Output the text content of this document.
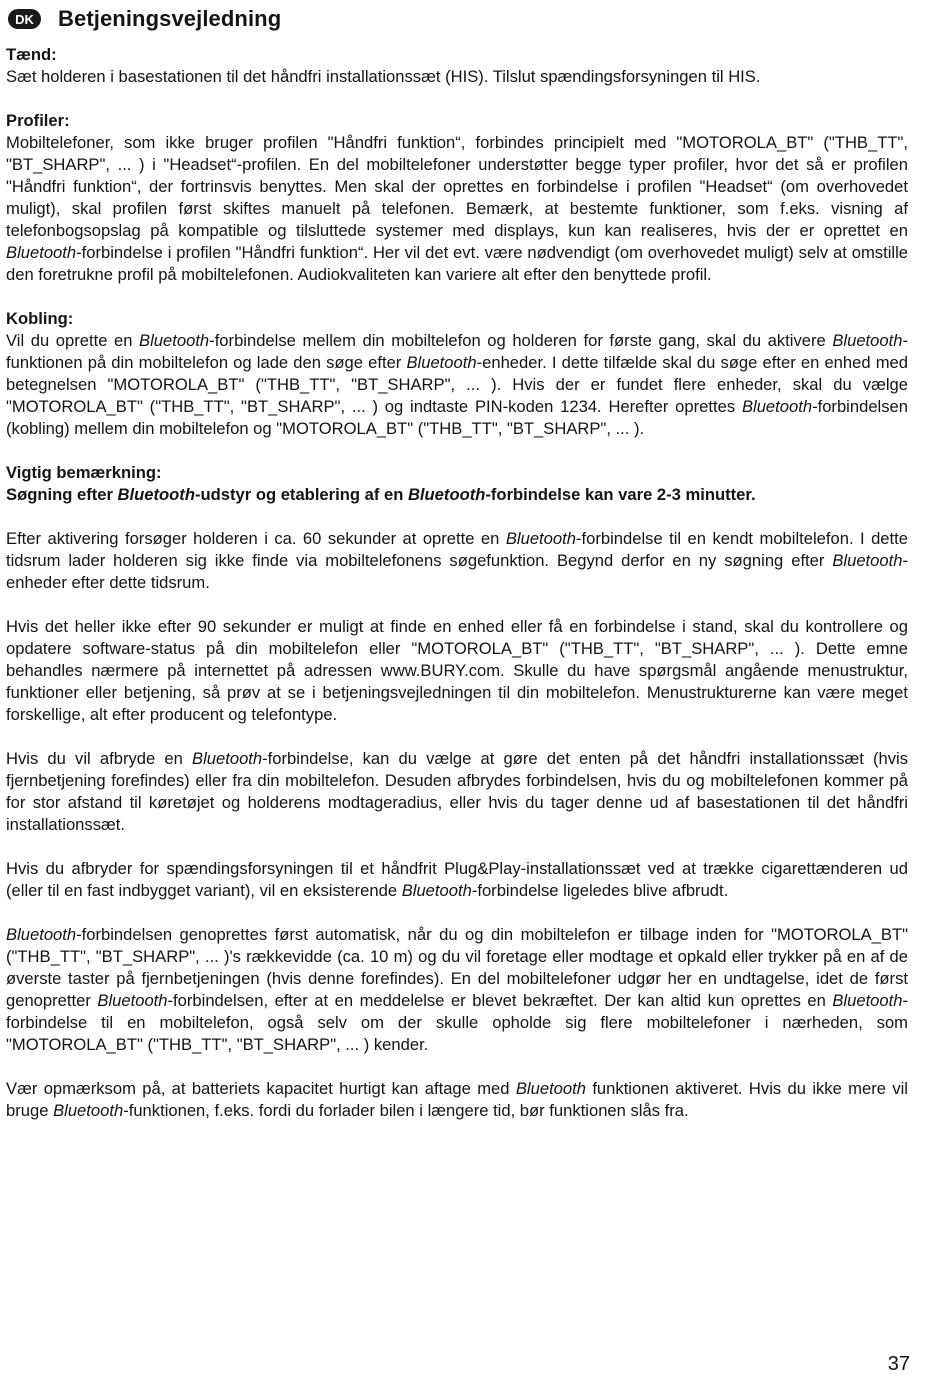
DK	Betjeningsvejledning

Tænd:
Sæt holderen i basestationen til det håndfri installationssæt (HIS). Tilslut spændingsforsyningen til HIS.

Profiler:
Mobiltelefoner, som ikke bruger profilen "Håndfri funktion“, forbindes principielt med "MOTOROLA_BT" ("THB_TT", "BT_SHARP", ... ) i "Headset“-profilen. En del mobiltelefoner understøtter begge typer profiler, hvor det så er profilen "Håndfri funktion“, der fortrinsvis benyttes. Men skal der oprettes en forbindelse i profilen "Headset“ (om overhovedet muligt), skal profilen først skiftes manuelt på telefonen. Bemærk, at bestemte funktioner, som f.eks. visning af telefonbogsopslag på kompatible og tilsluttede systemer med displays, kun kan realiseres, hvis der er oprettet en Bluetooth-forbindelse i profilen "Håndfri funktion“. Her vil det evt. være nødvendigt (om overhovedet muligt) selv at omstille den foretrukne profil på mobiltelefonen. Audiokvaliteten kan variere alt efter den benyttede profil.

Kobling:
Vil du oprette en Bluetooth-forbindelse mellem din mobiltelefon og holderen for første gang, skal du aktivere Bluetooth-funktionen på din mobiltelefon og lade den søge efter Bluetooth-enheder. I dette tilfælde skal du søge efter en enhed med betegnelsen "MOTOROLA_BT" ("THB_TT", "BT_SHARP", ... ). Hvis der er fundet flere enheder, skal du vælge "MOTOROLA_BT" ("THB_TT", "BT_SHARP", ... ) og indtaste PIN-koden 1234. Herefter oprettes Bluetooth-forbindelsen (kobling) mellem din mobiltelefon og "MOTOROLA_BT" ("THB_TT", "BT_SHARP", ... ).

Vigtig bemærkning:
Søgning efter Bluetooth-udstyr og etablering af en Bluetooth-forbindelse kan vare 2-3 minutter.

Efter aktivering forsøger holderen i ca. 60 sekunder at oprette en Bluetooth-forbindelse til en kendt mobiltelefon. I dette tidsrum lader holderen sig ikke finde via mobiltelefonens søgefunktion. Begynd derfor en ny søgning efter Bluetooth-enheder efter dette tidsrum.

Hvis det heller ikke efter 90 sekunder er muligt at finde en enhed eller få en forbindelse i stand, skal du kontrollere og opdatere software-status på din mobiltelefon eller "MOTOROLA_BT" ("THB_TT", "BT_SHARP", ... ). Dette emne behandles nærmere på internettet på adressen www.BURY.com. Skulle du have spørgsmål angående menustruktur, funktioner eller betjening, så prøv at se i betjeningsvejledningen til din mobiltelefon. Menustrukturerne kan være meget forskellige, alt efter producent og telefontype.

Hvis du vil afbryde en Bluetooth-forbindelse, kan du vælge at gøre det enten på det håndfri installationssæt (hvis fjernbetjening forefindes) eller fra din mobiltelefon. Desuden afbrydes forbindelsen, hvis du og mobiltelefonen kommer på for stor afstand til køretøjet og holderens modtageradius, eller hvis du tager denne ud af basestationen til det håndfri installationssæt.

Hvis du afbryder for spændingsforsyningen til et håndfrit Plug&Play-installationssæt ved at trække cigarettænderen ud (eller til en fast indbygget variant), vil en eksisterende Bluetooth-forbindelse ligeledes blive afbrudt.

Bluetooth-forbindelsen genoprettes først automatisk, når du og din mobiltelefon er tilbage inden for "MOTOROLA_BT" ("THB_TT", "BT_SHARP", ... )'s rækkevidde (ca. 10 m) og du vil foretage eller modtage et opkald eller trykker på en af de øverste taster på fjernbetjeningen (hvis denne forefindes). En del mobiltelefoner udgør her en undtagelse, idet de først genopretter Bluetooth-forbindelsen, efter at en meddelelse er blevet bekræftet. Der kan altid kun oprettes en Bluetooth-forbindelse til en mobiltelefon, også selv om der skulle opholde sig flere mobiltelefoner i nærheden, som "MOTOROLA_BT" ("THB_TT", "BT_SHARP", ... ) kender.

Vær opmærksom på, at batteriets kapacitet hurtigt kan aftage med Bluetooth funktionen aktiveret. Hvis du ikke mere vil bruge Bluetooth-funktionen, f.eks. fordi du forlader bilen i længere tid, bør funktionen slås fra.

37
